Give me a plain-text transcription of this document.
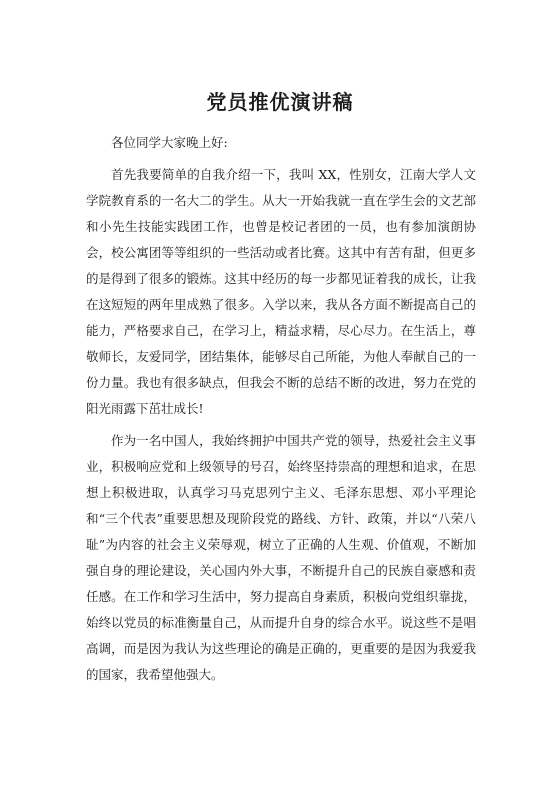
党员推优演讲稿

各位同学大家晚上好:

首先我要简单的自我介绍一下，我叫 XX，性别女，江南大学人文学院教育系的一名大二的学生。从大一开始我就一直在学生会的文艺部和小先生技能实践团工作，也曾是校记者团的一员，也有参加演朗协会，校公寓团等等组织的一些活动或者比赛。这其中有苦有甜，但更多的是得到了很多的锻炼。这其中经历的每一步都见证着我的成长，让我在这短短的两年里成熟了很多。入学以来，我从各方面不断提高自己的能力，严格要求自己，在学习上，精益求精，尽心尽力。在生活上，尊敬师长，友爱同学，团结集体，能够尽自己所能，为他人奉献自己的一份力量。我也有很多缺点，但我会不断的总结不断的改进，努力在党的阳光雨露下茁壮成长!

作为一名中国人，我始终拥护中国共产党的领导，热爱社会主义事业，积极响应党和上级领导的号召，始终坚持崇高的理想和追求，在思想上积极进取，认真学习马克思列宁主义、毛泽东思想、邓小平理论和“三个代表”重要思想及现阶段党的路线、方针、政策，并以“八荣八耻”为内容的社会主义荣辱观，树立了正确的人生观、价值观，不断加强自身的理论建设，关心国内外大事，不断提升自己的民族自豪感和责任感。在工作和学习生活中，努力提高自身素质，积极向党组织靠拢，始终以党员的标准衡量自己，从而提升自身的综合水平。说这些不是唱高调，而是因为我认为这些理论的确是正确的，更重要的是因为我爱我的国家，我希望他强大。
